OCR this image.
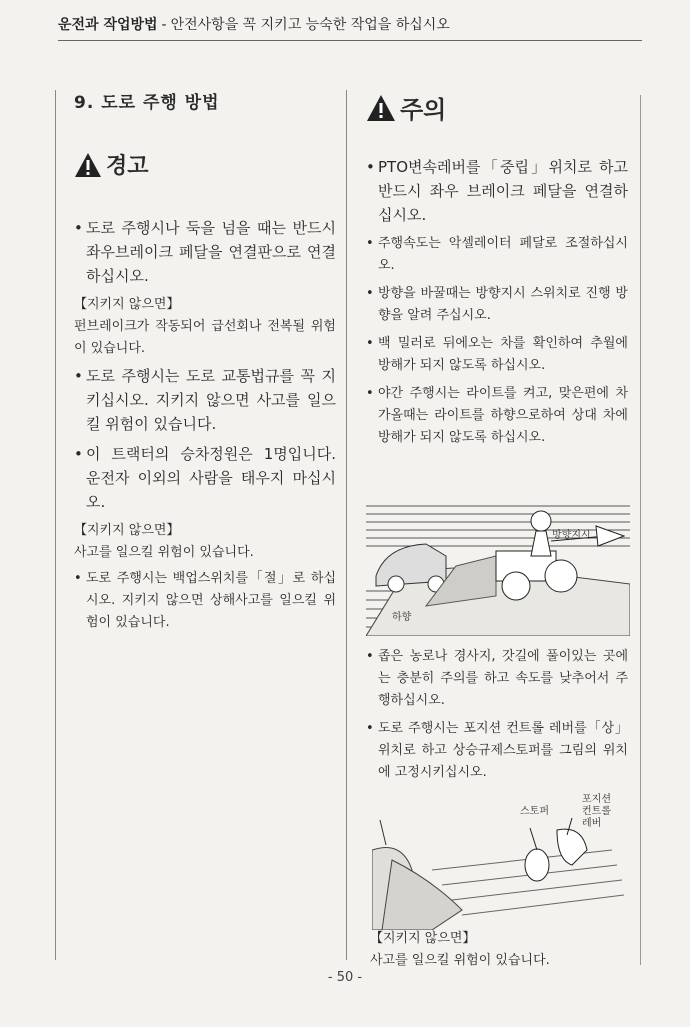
운전과 작업방법 - 안전사항을 꼭 지키고 능숙한 작업을 하십시오
9. 도로 주행 방법
경고
• 도로 주행시나 둑을 넘을 때는 반드시 좌우브레이크 페달을 연결판으로 연결하십시오.
【지키지 않으면】
펀브레이크가 작동되어 급선회나 전복될 위험이 있습니다.
• 도로 주행시는 도로 교통법규를 꼭 지키십시오. 지키지 않으면 사고를 일으킬 위험이 있습니다.
• 이 트랙터의 승차정원은 1명입니다. 운전자 이외의 사람을 태우지 마십시오.
【지키지 않으면】
사고를 일으킬 위험이 있습니다.
• 도로 주행시는 백업스위치를「절」로 하십시오. 지키지 않으면 상해사고를 일으킬 위험이 있습니다.
주의
• PTO변속레버를「중립」위치로 하고 반드시 좌우 브레이크 페달을 연결하십시오.
• 주행속도는 악셀레이터 페달로 조절하십시오.
• 방향을 바꿀때는 방향지시 스위치로 진행 방향을 알려 주십시오.
• 백 밀러로 뒤에오는 차를 확인하여 추월에 방해가 되지 않도록 하십시오.
• 야간 주행시는 라이트를 켜고, 맞은편에 차가올때는 라이트를 하향으로하여 상대 차에 방해가 되지 않도록 하십시오.
방향지시
하향
• 좁은 농로나 경사지, 갓길에 풀이있는 곳에는 충분히 주의를 하고 속도를 낮추어서 주행하십시오.
• 도로 주행시는 포지션 컨트롤 레버를「상」위치로 하고 상승규제스토퍼를 그림의 위치에 고정시키십시오.
스토퍼
포지션
컨트롤
레버
【지키지 않으면】
사고를 일으킬 위험이 있습니다.
- 50 -
